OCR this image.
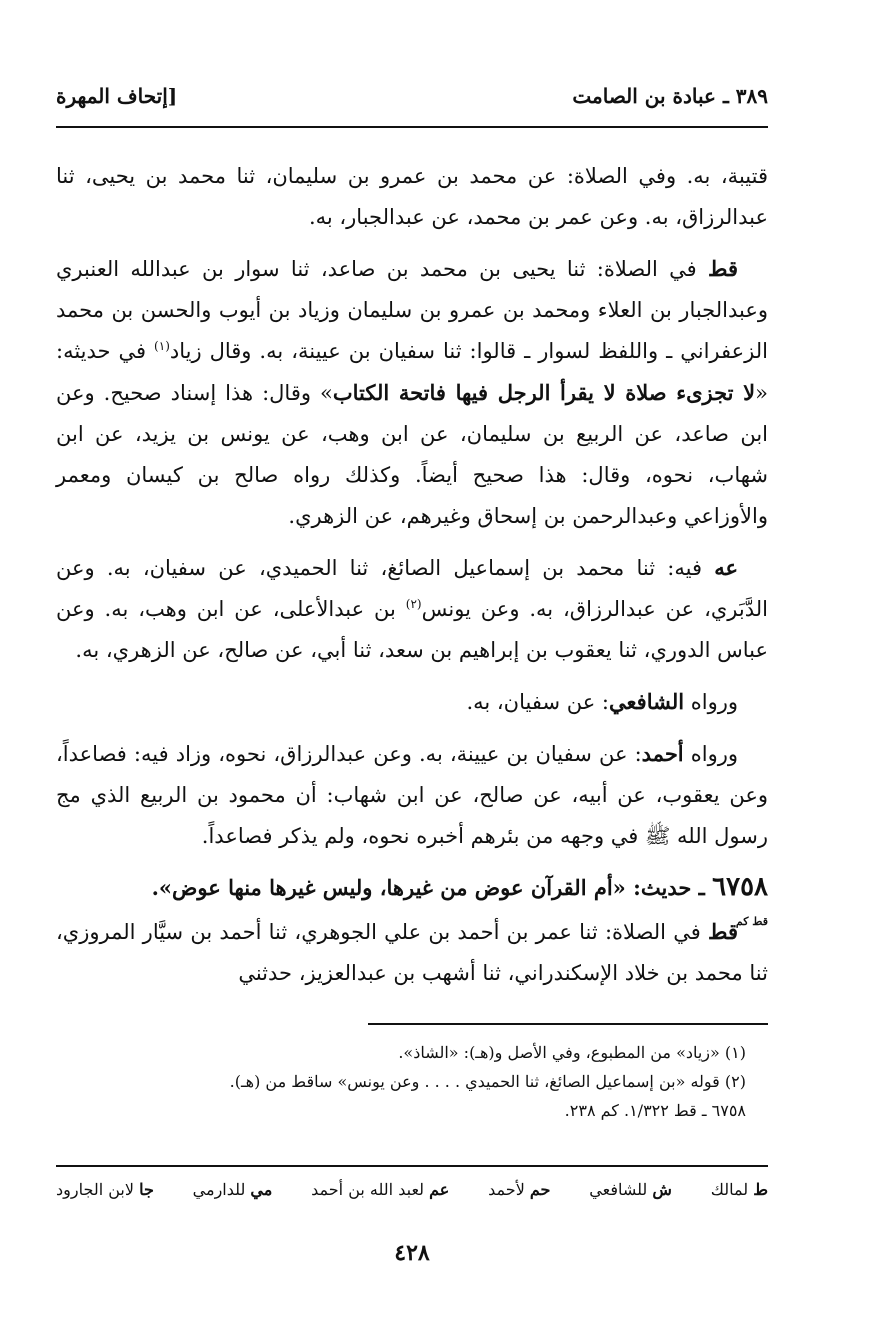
٣٨٩ ـ عبادة بن الصامت
[إتحاف المهرة

قتيبة، به. وفي الصلاة: عن محمد بن عمرو بن سليمان، ثنا محمد بن يحيى، ثنا عبدالرزاق، به. وعن عمر بن محمد، عن عبدالجبار، به.

قط في الصلاة: ثنا يحيى بن محمد بن صاعد، ثنا سوار بن عبدالله العنبري وعبدالجبار بن العلاء ومحمد بن عمرو بن سليمان وزياد بن أيوب والحسن بن محمد الزعفراني ـ واللفظ لسوار ـ قالوا: ثنا سفيان بن عيينة، به. وقال زياد$^{(١)}$ في حديثه: «لا تجزىء صلاة لا يقرأ الرجل فيها فاتحة الكتاب» وقال: هذا إسناد صحيح. وعن ابن صاعد، عن الربيع بن سليمان، عن ابن وهب، عن يونس بن يزيد، عن ابن شهاب، نحوه، وقال: هذا صحيح أيضاً. وكذلك رواه صالح بن كيسان ومعمر والأوزاعي وعبدالرحمن بن إسحاق وغيرهم، عن الزهري.

عه فيه: ثنا محمد بن إسماعيل الصائغ، ثنا الحميدي، عن سفيان، به. وعن الدَّبَري، عن عبدالرزاق، به. وعن يونس$^{(٢)}$ بن عبدالأعلى، عن ابن وهب، به. وعن عباس الدوري، ثنا يعقوب بن إبراهيم بن سعد، ثنا أبي، عن صالح، عن الزهري، به.

ورواه الشافعي: عن سفيان، به.

ورواه أحمد: عن سفيان بن عيينة، به. وعن عبدالرزاق، نحوه، وزاد فيه: فصاعداً، وعن يعقوب، عن أبيه، عن صالح، عن ابن شهاب: أن محمود بن الربيع الذي مج رسول الله ﷺ في وجهه من بئرهم أخبره نحوه، ولم يذكر فصاعداً.

٦٧٥٨ ـ حديث: «أم القرآن عوض من غيرها، وليس غيرها منها عوض».
قط كم

قط في الصلاة: ثنا عمر بن أحمد بن علي الجوهري، ثنا أحمد بن سيَّار المروزي، ثنا محمد بن خلاد الإسكندراني، ثنا أشهب بن عبدالعزيز، حدثني

(١) «زياد» من المطبوع، وفي الأصل و(هـ): «الشاذ».
(٢) قوله «بن إسماعيل الصائغ، ثنا الحميدي . . . . وعن يونس» ساقط من (هـ).
٦٧٥٨ ـ قط ١/٣٢٢. كم ٢٣٨.
ط لمالك
ش للشافعي
حم لأحمد
عم لعبد الله بن أحمد
مي للدارمي
جا لابن الجارود
٤٢٨
